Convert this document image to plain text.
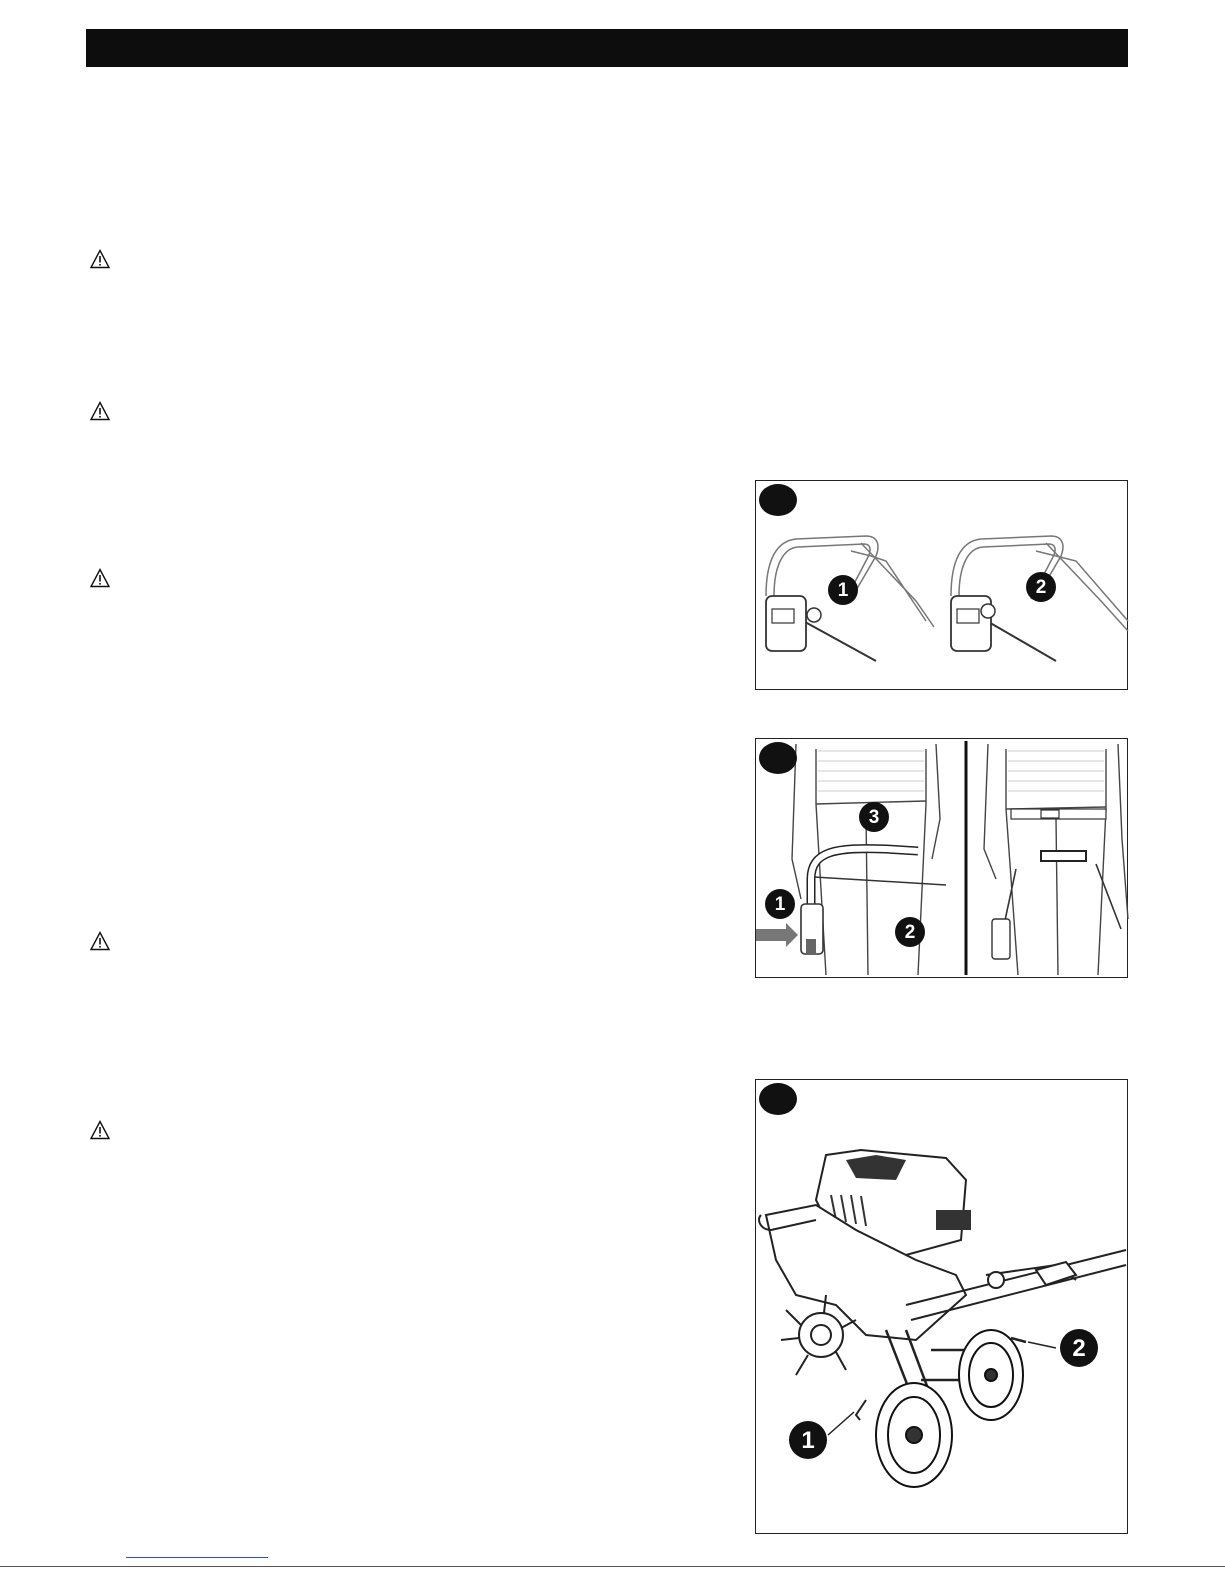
1	2
1
2
3
1
2
